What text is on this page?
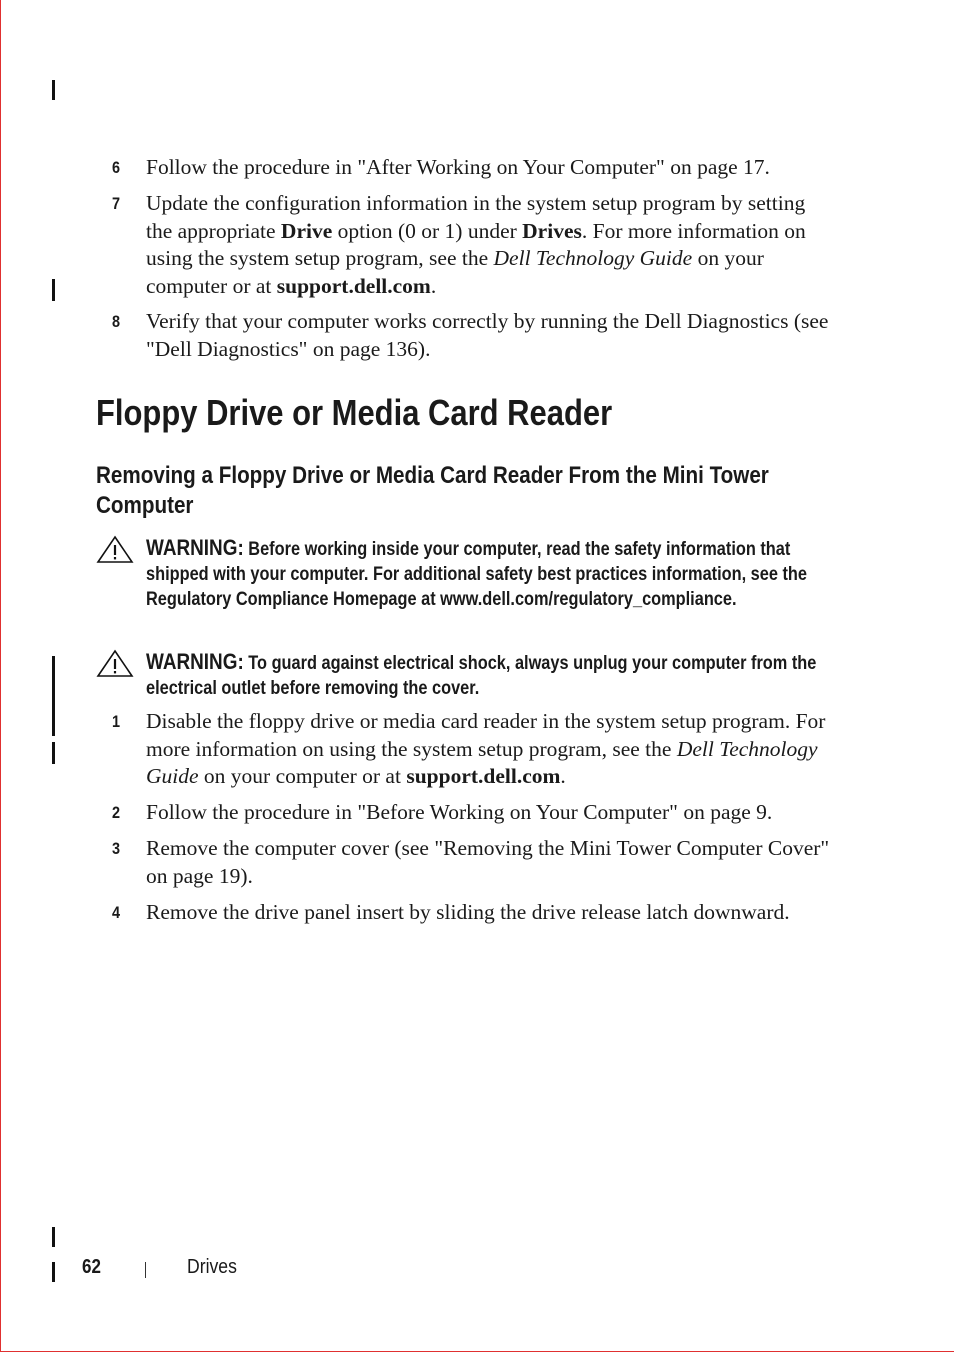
6 Follow the procedure in "After Working on Your Computer" on page 17.
7 Update the configuration information in the system setup program by setting the appropriate Drive option (0 or 1) under Drives. For more information on using the system setup program, see the Dell Technology Guide on your computer or at support.dell.com.
8 Verify that your computer works correctly by running the Dell Diagnostics (see "Dell Diagnostics" on page 136).
Floppy Drive or Media Card Reader
Removing a Floppy Drive or Media Card Reader From the Mini Tower Computer
WARNING: Before working inside your computer, read the safety information that shipped with your computer. For additional safety best practices information, see the Regulatory Compliance Homepage at www.dell.com/regulatory_compliance.
WARNING: To guard against electrical shock, always unplug your computer from the electrical outlet before removing the cover.
1 Disable the floppy drive or media card reader in the system setup program. For more information on using the system setup program, see the Dell Technology Guide on your computer or at support.dell.com.
2 Follow the procedure in "Before Working on Your Computer" on page 9.
3 Remove the computer cover (see "Removing the Mini Tower Computer Cover" on page 19).
4 Remove the drive panel insert by sliding the drive release latch downward.
62	Drives
